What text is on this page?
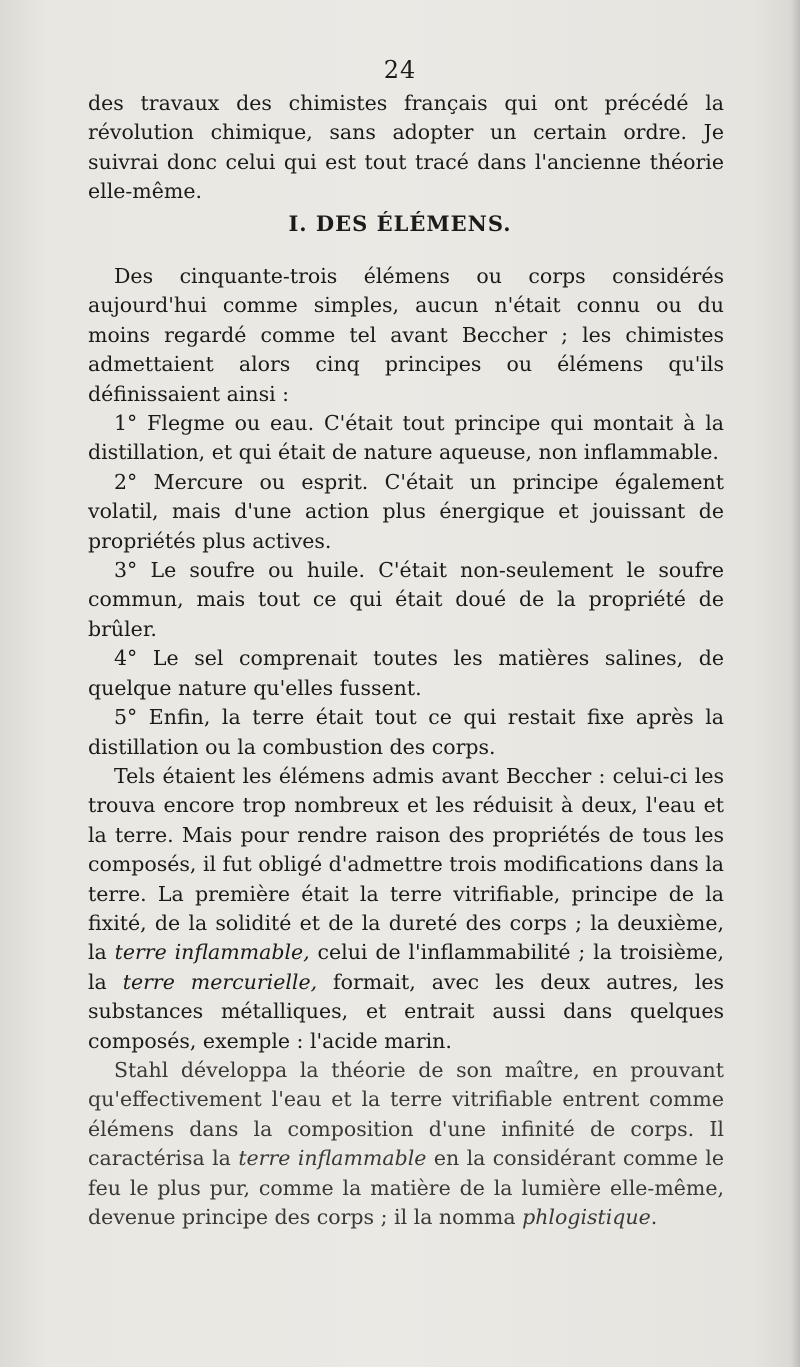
24

des travaux des chimistes français qui ont précédé la révolution chimique, sans adopter un certain ordre. Je suivrai donc celui qui est tout tracé dans l'ancienne théorie elle-même.

I. DES ÉLÉMENS.

Des cinquante-trois élémens ou corps considérés aujourd'hui comme simples, aucun n'était connu ou du moins regardé comme tel avant Beccher ; les chimistes admettaient alors cinq principes ou élémens qu'ils définissaient ainsi :

1° Flegme ou eau. C'était tout principe qui montait à la distillation, et qui était de nature aqueuse, non inflammable.

2° Mercure ou esprit. C'était un principe également volatil, mais d'une action plus énergique et jouissant de propriétés plus actives.

3° Le soufre ou huile. C'était non-seulement le soufre commun, mais tout ce qui était doué de la propriété de brûler.

4° Le sel comprenait toutes les matières salines, de quelque nature qu'elles fussent.

5° Enfin, la terre était tout ce qui restait fixe après la distillation ou la combustion des corps.

Tels étaient les élémens admis avant Beccher : celui-ci les trouva encore trop nombreux et les réduisit à deux, l'eau et la terre. Mais pour rendre raison des propriétés de tous les composés, il fut obligé d'admettre trois modifications dans la terre. La première était la terre vitrifiable, principe de la fixité, de la solidité et de la dureté des corps ; la deuxième, la terre inflammable, celui de l'inflammabilité ; la troisième, la terre mercurielle, formait, avec les deux autres, les substances métalliques, et entrait aussi dans quelques composés, exemple : l'acide marin.

Stahl développa la théorie de son maître, en prouvant qu'effectivement l'eau et la terre vitrifiable entrent comme élémens dans la composition d'une infinité de corps. Il caractérisa la terre inflammable en la considérant comme le feu le plus pur, comme la matière de la lumière elle-même, devenue principe des corps ; il la nomma phlogistique.
